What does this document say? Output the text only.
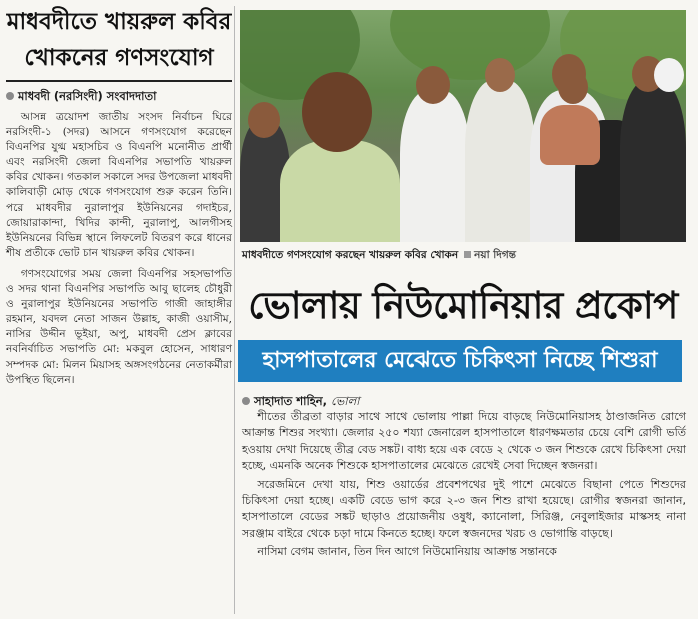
মাধবদীতে খায়রুল কবির খোকনের গণসংযোগ

মাধবদী (নরসিংদী) সংবাদদাতা

আসন্ন ত্রয়োদশ জাতীয় সংসদ নির্বাচন ঘিরে নরসিংদী-১ (সদর) আসনে গণসংযোগ করেছেন বিএনপির যুগ্ম মহাসচিব ও বিএনপি মনোনীত প্রার্থী এবং নরসিংদী জেলা বিএনপির সভাপতি খায়রুল কবির খোকন। গতকাল সকালে সদর উপজেলা মাধবদী কালিবাড়ী মোড় থেকে গণসংযোগ শুরু করেন তিনি। পরে মাধবদীর নুরালাপুর ইউনিয়নের গদাইচর, জোয়ারাকান্দা, খিদির কান্দী, নুরালাপু, আলগীসহ ইউনিয়নের বিভিন্ন স্থানে লিফলেট বিতরণ করে ধানের শীষ প্রতীকে ভোট চান খায়রুল কবির খোকন।

গণসংযোগের সময় জেলা বিএনপির সহসভাপতি ও সদর থানা বিএনপির সভাপতি আবু ছালেহ চৌধুরী ও নুরালাপুর ইউনিয়নের সভাপতি গাজী জাহাঙ্গীর রহমান, যবদল নেতা সাজন উল্লাহ, কাজী ওয়াসীম, নাসির উদ্দীন ভূইয়া, অপু, মাধবদী প্রেস ক্লাবের নবনির্বাচিত সভাপতি মো: মকবুল হোসেন, সাধারণ সম্পদক মো: মিলন মিয়াসহ অঙ্গসংগঠনের নেতাকর্মীরা উপস্থিত ছিলেন।

মাধবদীতে গণসংযোগ করছেন খায়রুল কবির খোকন নয়া দিগন্ত
ভোলায় নিউমোনিয়ার প্রকোপ
হাসপাতালের মেঝেতে চিকিৎসা নিচ্ছে শিশুরা

সাহাদাত শাহিন, ভোলা

শীতের তীব্রতা বাড়ার সাথে সাথে ভোলায় পাল্লা দিয়ে বাড়ছে নিউমোনিয়াসহ ঠাণ্ডাজনিত রোগে আক্রান্ত শিশুর সংখ্যা। জেলার ২৫০ শয্যা জেনারেল হাসপাতালে ধারণক্ষমতার চেয়ে বেশি রোগী ভর্তি হওয়ায় দেখা দিয়েছে তীব্র বেড সঙ্কট। বাধ্য হয়ে এক বেডে ২ থেকে ৩ জন শিশুকে রেখে চিকিৎসা দেয়া হচ্ছে, এমনকি অনেক শিশুকে হাসপাতালের মেঝেতে রেখেই সেবা দিচ্ছেন স্বজনরা।

সরেজমিনে দেখা যায়, শিশু ওয়ার্ডের প্রবেশপথের দুই পাশে মেঝেতে বিছানা পেতে শিশুদের চিকিৎসা দেয়া হচ্ছে। একটি বেডে ভাগ করে ২-৩ জন শিশু রাখা হয়েছে। রোগীর স্বজনরা জানান, হাসপাতালে বেডের সঙ্কট ছাড়াও প্রয়োজনীয় ওষুধ, ক্যানোলা, সিরিঞ্জ, নেবুলাইজার মাস্কসহ নানা সরঞ্জাম বাইরে থেকে চড়া দামে কিনতে হচ্ছে। ফলে স্বজনদের খরচ ও ভোগান্তি বাড়ছে।

নাসিমা বেগম জানান, তিন দিন আগে নিউমোনিয়ায় আক্রান্ত সন্তানকে
